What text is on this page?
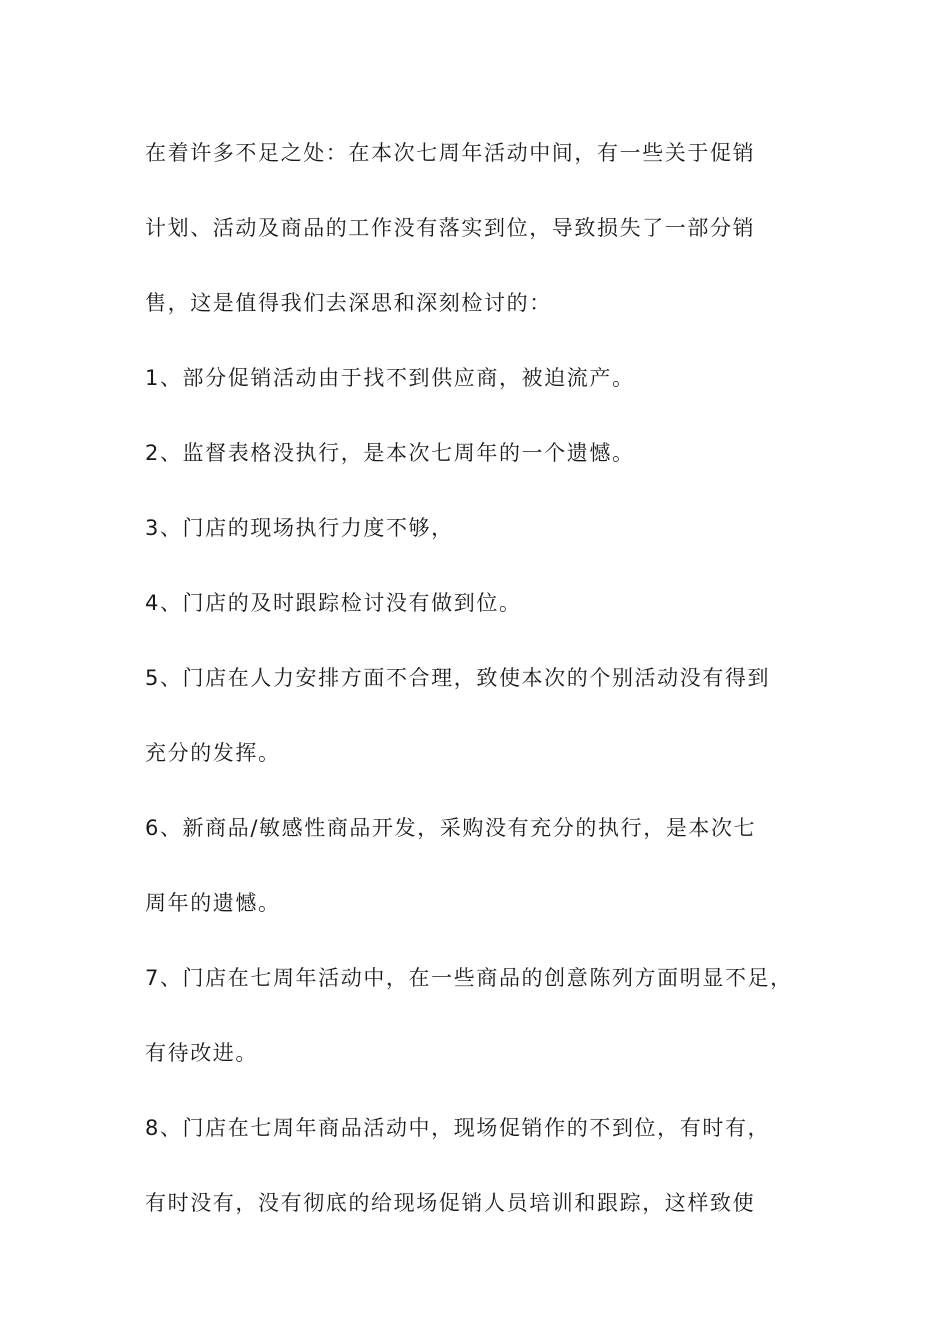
在着许多不足之处：在本次七周年活动中间，有一些关于促销
计划、活动及商品的工作没有落实到位，导致损失了一部分销
售，这是值得我们去深思和深刻检讨的：
1、部分促销活动由于找不到供应商，被迫流产。
2、监督表格没执行，是本次七周年的一个遗憾。
3、门店的现场执行力度不够，
4、门店的及时跟踪检讨没有做到位。
5、门店在人力安排方面不合理，致使本次的个别活动没有得到
充分的发挥。
6、新商品/敏感性商品开发，采购没有充分的执行，是本次七
周年的遗憾。
7、门店在七周年活动中，在一些商品的创意陈列方面明显不足，
有待改进。
8、门店在七周年商品活动中，现场促销作的不到位，有时有，
有时没有，没有彻底的给现场促销人员培训和跟踪，这样致使
